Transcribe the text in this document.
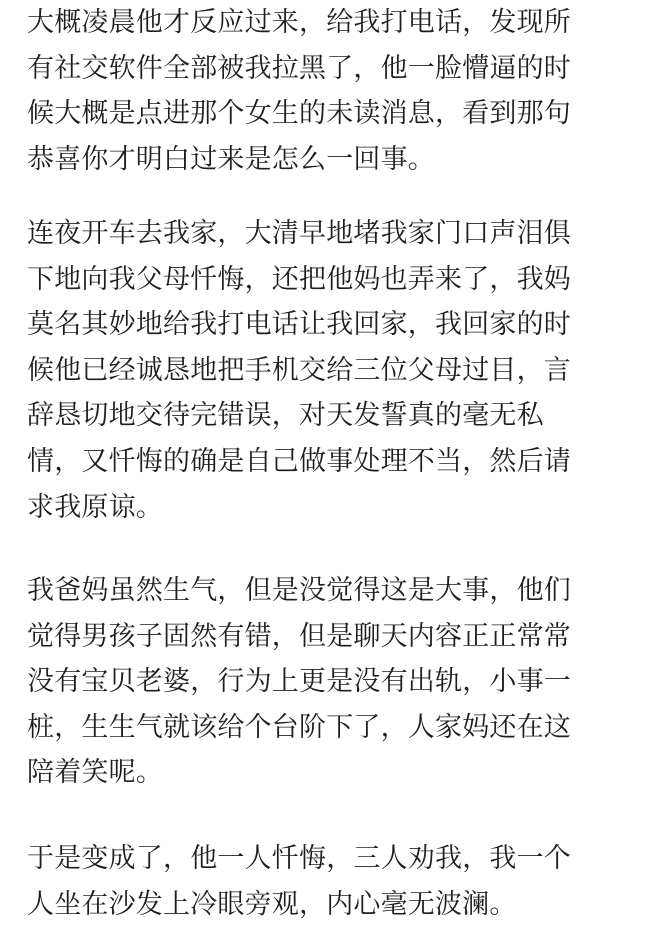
大概凌晨他才反应过来，给我打电话，发现所
有社交软件全部被我拉黑了，他一脸懵逼的时
候大概是点进那个女生的未读消息，看到那句
恭喜你才明白过来是怎么一回事。
连夜开车去我家，大清早地堵我家门口声泪俱
下地向我父母忏悔，还把他妈也弄来了，我妈
莫名其妙地给我打电话让我回家，我回家的时
候他已经诚恳地把手机交给三位父母过目，言
辞恳切地交待完错误，对天发誓真的毫无私
情，又忏悔的确是自己做事处理不当，然后请
求我原谅。
我爸妈虽然生气，但是没觉得这是大事，他们
觉得男孩子固然有错，但是聊天内容正正常常
没有宝贝老婆，行为上更是没有出轨，小事一
桩，生生气就该给个台阶下了，人家妈还在这
陪着笑呢。
于是变成了，他一人忏悔，三人劝我，我一个
人坐在沙发上冷眼旁观，内心毫无波澜。
